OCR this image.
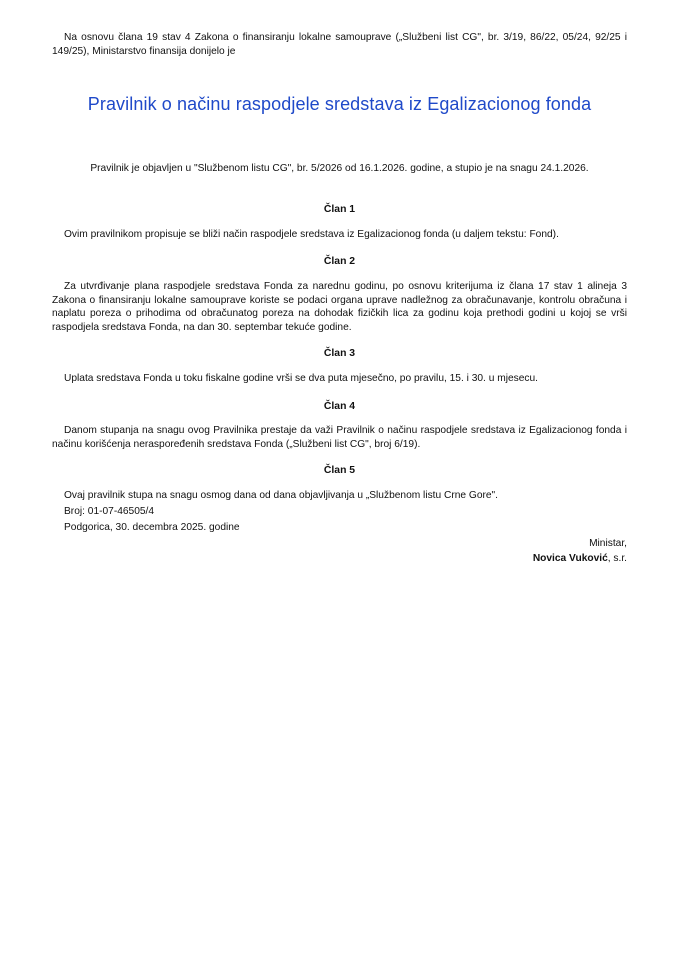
Na osnovu člana 19 stav 4 Zakona o finansiranju lokalne samouprave („Službeni list CG", br. 3/19, 86/22, 05/24, 92/25 i 149/25), Ministarstvo finansija donijelo je
Pravilnik o načinu raspodjele sredstava iz Egalizacionog fonda
Pravilnik je objavljen u "Službenom listu CG", br. 5/2026 od 16.1.2026. godine, a stupio je na snagu 24.1.2026.
Član 1
Ovim pravilnikom propisuje se bliži način raspodjele sredstava iz Egalizacionog fonda (u daljem tekstu: Fond).
Član 2
Za utvrđivanje plana raspodjele sredstava Fonda za narednu godinu, po osnovu kriterijuma iz člana 17 stav 1 alineja 3 Zakona o finansiranju lokalne samouprave koriste se podaci organa uprave nadležnog za obračunavanje, kontrolu obračuna i naplatu poreza o prihodima od obračunatog poreza na dohodak fizičkih lica za godinu koja prethodi godini u kojoj se vrši raspodjela sredstava Fonda, na dan 30. septembar tekuće godine.
Član 3
Uplata sredstava Fonda u toku fiskalne godine vrši se dva puta mjesečno, po pravilu, 15. i 30. u mjesecu.
Član 4
Danom stupanja na snagu ovog Pravilnika prestaje da važi Pravilnik o načinu raspodjele sredstava iz Egalizacionog fonda i načinu korišćenja neraspoređenih sredstava Fonda („Službeni list CG", broj 6/19).
Član 5
Ovaj pravilnik stupa na snagu osmog dana od dana objavljivanja u „Službenom listu Crne Gore".
Broj: 01-07-46505/4
Podgorica, 30. decembra 2025. godine
Ministar,
Novica Vuković, s.r.
